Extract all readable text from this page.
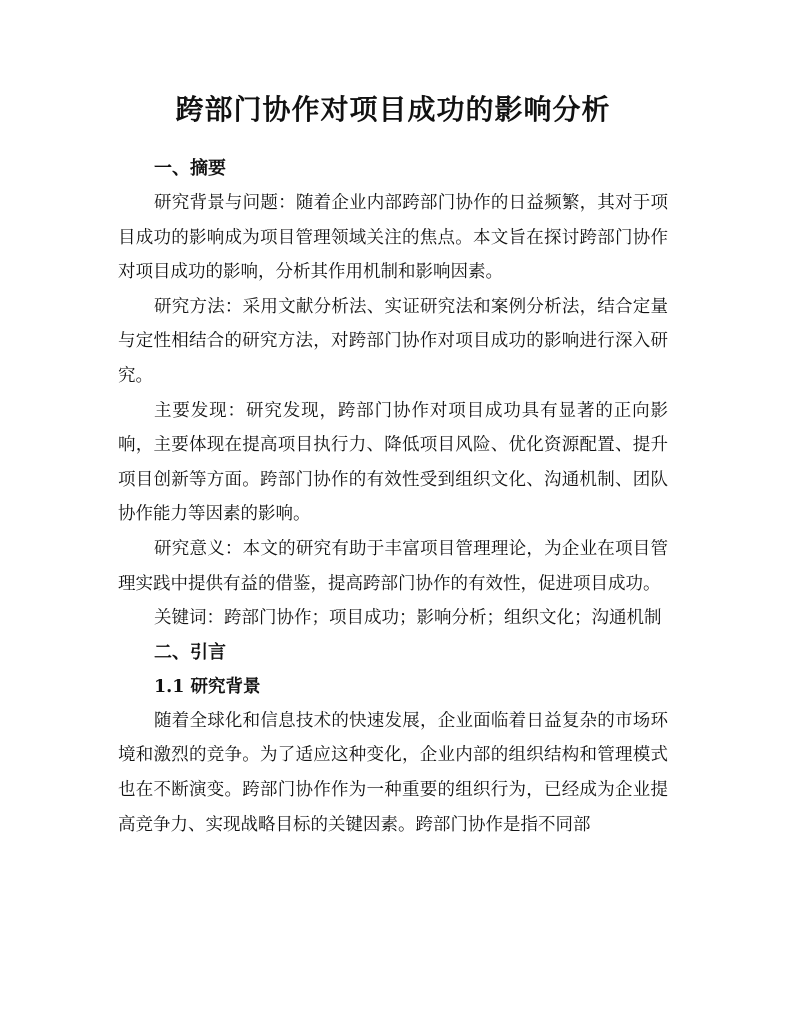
跨部门协作对项目成功的影响分析
一、摘要

研究背景与问题：随着企业内部跨部门协作的日益频繁，其对于项目成功的影响成为项目管理领域关注的焦点。本文旨在探讨跨部门协作对项目成功的影响，分析其作用机制和影响因素。

研究方法：采用文献分析法、实证研究法和案例分析法，结合定量与定性相结合的研究方法，对跨部门协作对项目成功的影响进行深入研究。

主要发现：研究发现，跨部门协作对项目成功具有显著的正向影响，主要体现在提高项目执行力、降低项目风险、优化资源配置、提升项目创新等方面。跨部门协作的有效性受到组织文化、沟通机制、团队协作能力等因素的影响。

研究意义：本文的研究有助于丰富项目管理理论，为企业在项目管理实践中提供有益的借鉴，提高跨部门协作的有效性，促进项目成功。

关键词：跨部门协作；项目成功；影响分析；组织文化；沟通机制

二、引言
1.1 研究背景

随着全球化和信息技术的快速发展，企业面临着日益复杂的市场环境和激烈的竞争。为了适应这种变化，企业内部的组织结构和管理模式也在不断演变。跨部门协作作为一种重要的组织行为，已经成为企业提高竞争力、实现战略目标的关键因素。跨部门协作是指不同部
